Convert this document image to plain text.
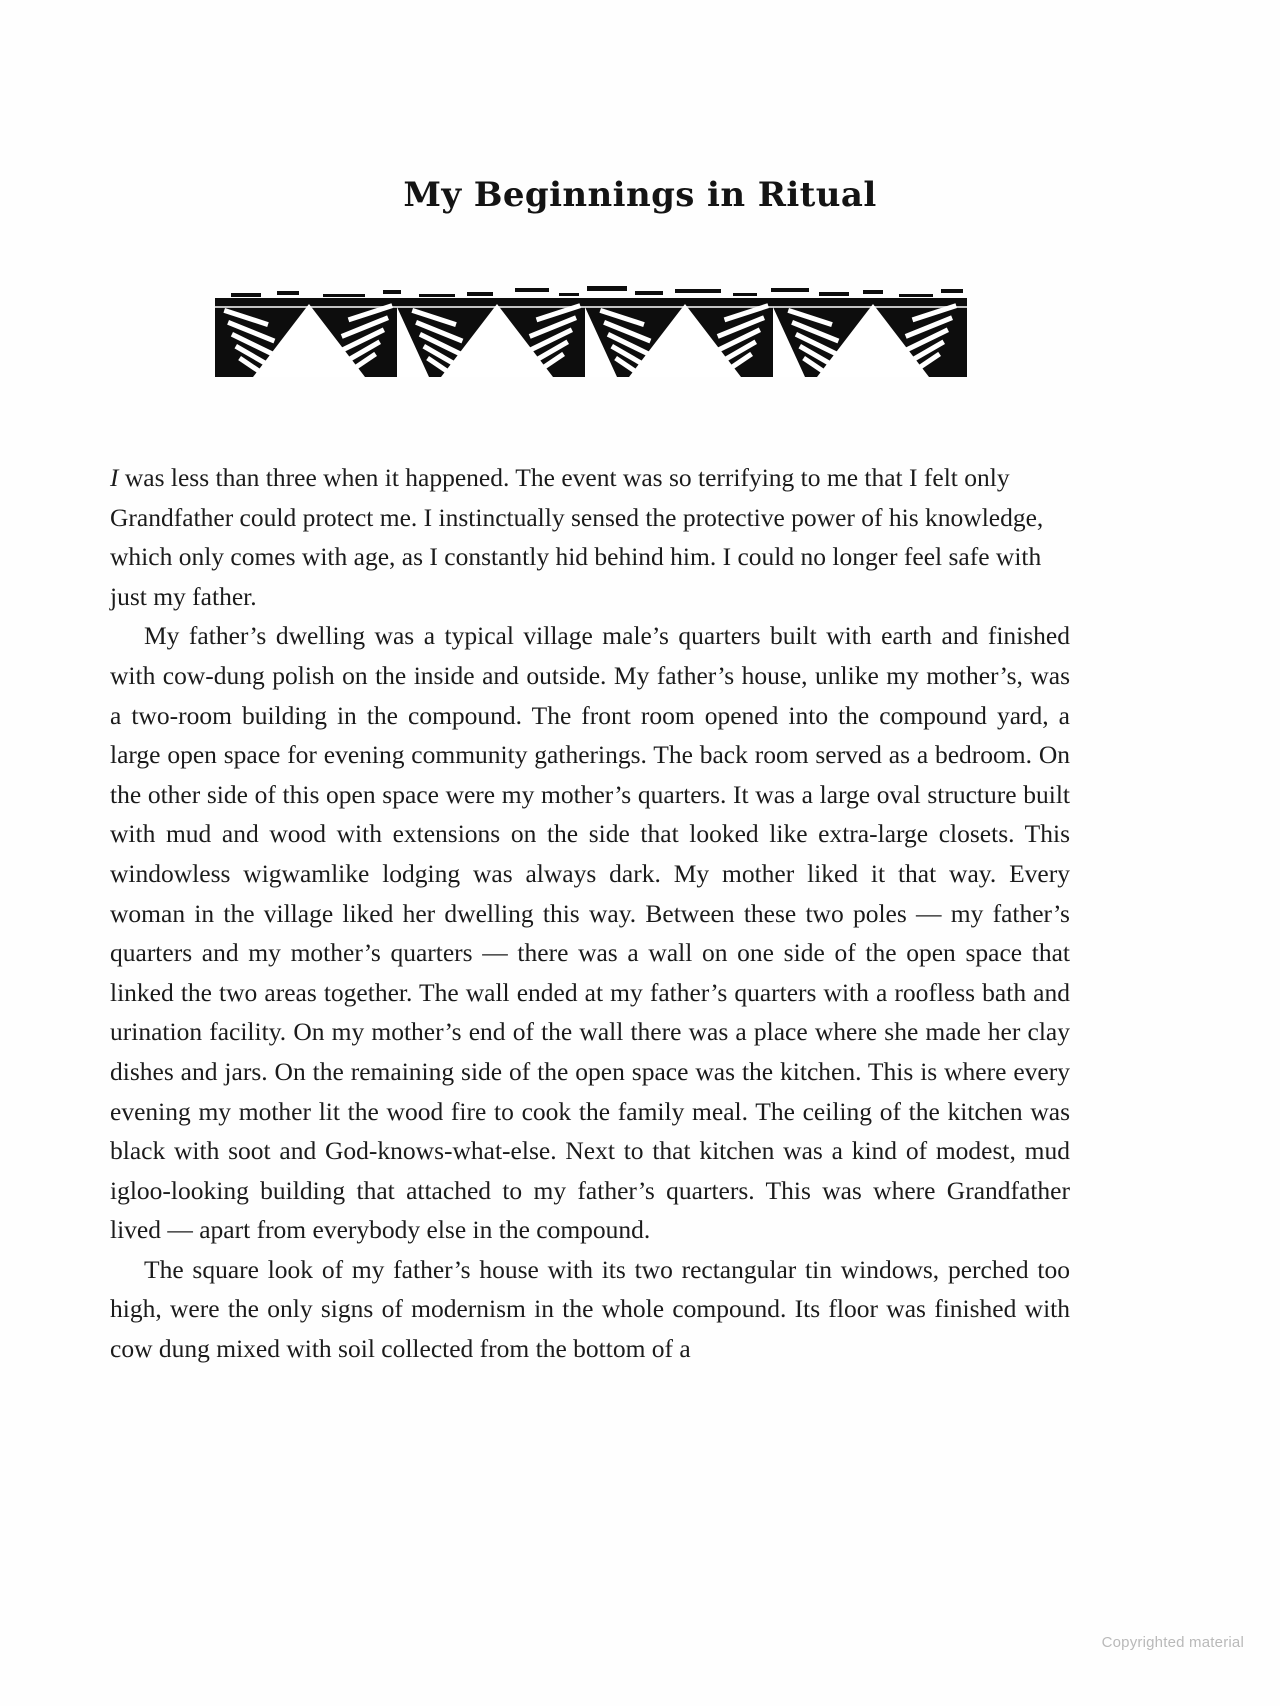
My Beginnings in Ritual

I was less than three when it happened. The event was so terrifying to me that I felt only Grandfather could protect me. I instinctually sensed the protective power of his knowledge, which only comes with age, as I constantly hid behind him. I could no longer feel safe with just my father.

My father’s dwelling was a typical village male’s quarters built with earth and finished with cow-dung polish on the inside and outside. My father’s house, unlike my mother’s, was a two-room building in the compound. The front room opened into the compound yard, a large open space for evening community gatherings. The back room served as a bedroom. On the other side of this open space were my mother’s quarters. It was a large oval structure built with mud and wood with extensions on the side that looked like extra-large closets. This windowless wigwamlike lodging was always dark. My mother liked it that way. Every woman in the village liked her dwelling this way. Between these two poles — my father’s quarters and my mother’s quarters — there was a wall on one side of the open space that linked the two areas together. The wall ended at my father’s quarters with a roofless bath and urination facility. On my mother’s end of the wall there was a place where she made her clay dishes and jars. On the remaining side of the open space was the kitchen. This is where every evening my mother lit the wood fire to cook the family meal. The ceiling of the kitchen was black with soot and God-knows-what-else. Next to that kitchen was a kind of modest, mud igloo-looking building that attached to my father’s quarters. This was where Grandfather lived — apart from everybody else in the compound.

The square look of my father’s house with its two rectangular tin windows, perched too high, were the only signs of modernism in the whole compound. Its floor was finished with cow dung mixed with soil collected from the bottom of a

Copyrighted material
